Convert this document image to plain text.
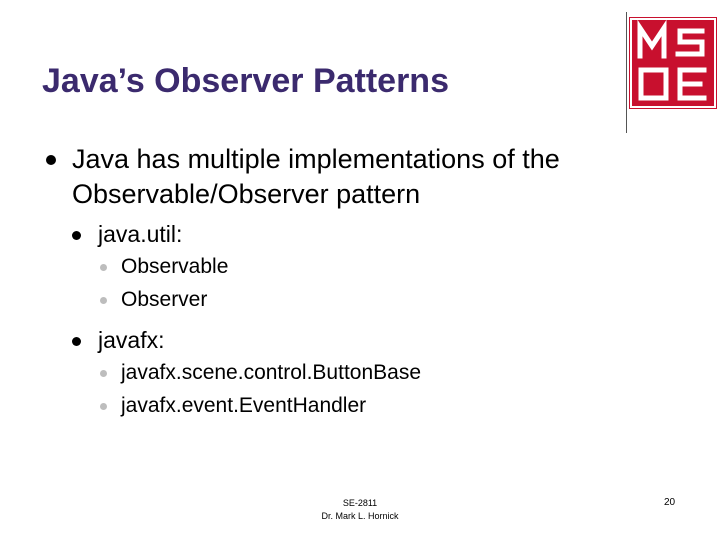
Java’s Observer Patterns
Java has multiple implementations of the
Observable/Observer pattern
java.util:
Observable
Observer
javafx:
javafx.scene.control.ButtonBase
javafx.event.EventHandler
SE-2811
Dr. Mark L. Hornick
20
